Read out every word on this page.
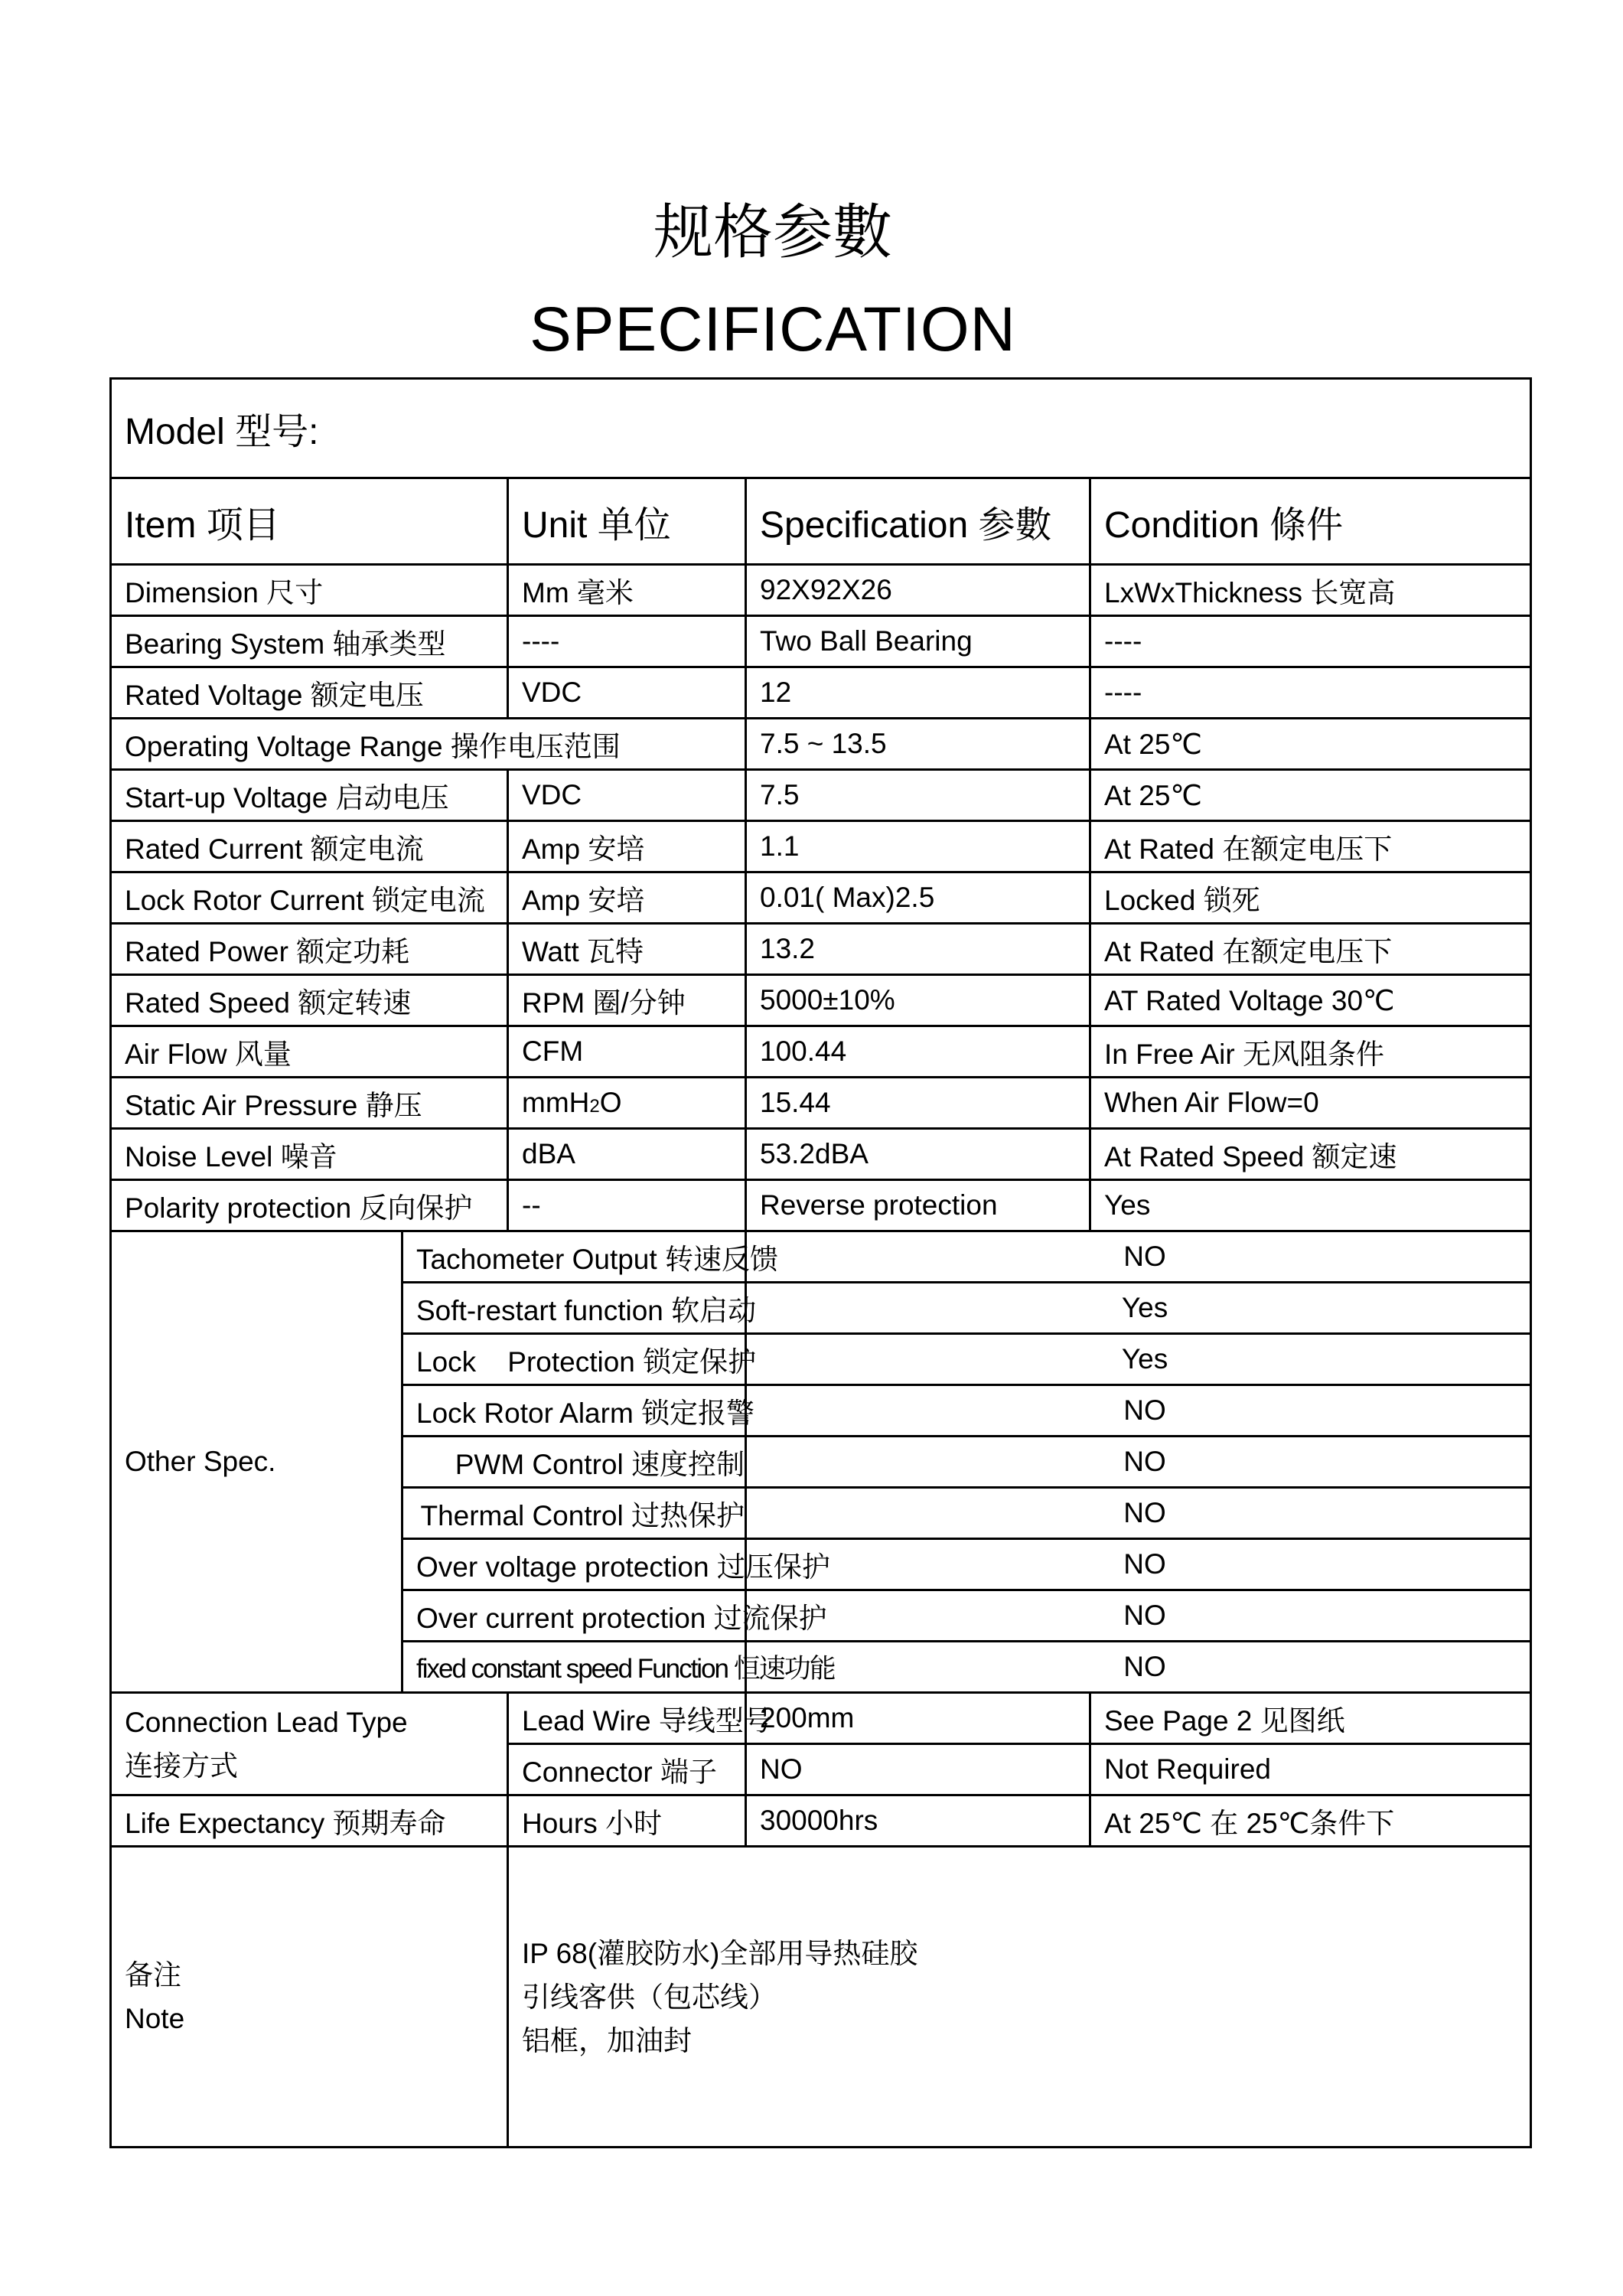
规格参數
SPECIFICATION
Model 型号:				
Item 项目		Unit 单位	Specification 参數	Condition 條件
Dimension 尺寸		Mm 毫米	92X92X26	LxWxThickness 长宽高
Bearing System 轴承类型		----	Two Ball Bearing	----
Rated Voltage 额定电压		VDC	12	----
Operating Voltage Range 操作电压范围			7.5 ~ 13.5	At 25℃
Start-up Voltage 启动电压		VDC	7.5	At 25℃
Rated Current 额定电流		Amp 安培	1.1	At Rated 在额定电压下
Lock Rotor Current 锁定电流		Amp 安培	0.01( Max)2.5	Locked 锁死
Rated Power 额定功耗		Watt 瓦特	13.2	At Rated 在额定电压下
Rated Speed 额定转速		RPM 圈/分钟	5000±10%	AT Rated Voltage 30℃
Air Flow 风量		CFM	100.44	In Free Air 无风阻条件
Static Air Pressure 静压		mmH2O	15.44	When Air Flow=0
Noise Level 噪音		dBA	53.2dBA	At Rated Speed 额定速
Polarity protection 反向保护		--	Reverse protection	Yes
Other Spec.	Tachometer Output 转速反馈		NO	
	Soft-restart function 软启动		Yes	
	Lock    Protection 锁定保护		Yes	
	Lock Rotor Alarm 锁定报警		NO	
	PWM Control 速度控制		NO	
	Thermal Control 过热保护		NO	
	Over voltage protection 过压保护		NO	
	Over current protection 过流保护		NO	
	fixed constant speed Function 恒速功能		NO	

Connection Lead Type
连接方式		Lead Wire 导线型号	200mm	See Page 2 见图纸
		Connector 端子	NO	Not Required
Life Expectancy 预期寿命		Hours 小时	30000hrs	At 25℃ 在 25℃条件下

备注
Note		IP 68(灌胶防水)全部用导热硅胶
引线客供（包芯线）
铝框，加油封		
